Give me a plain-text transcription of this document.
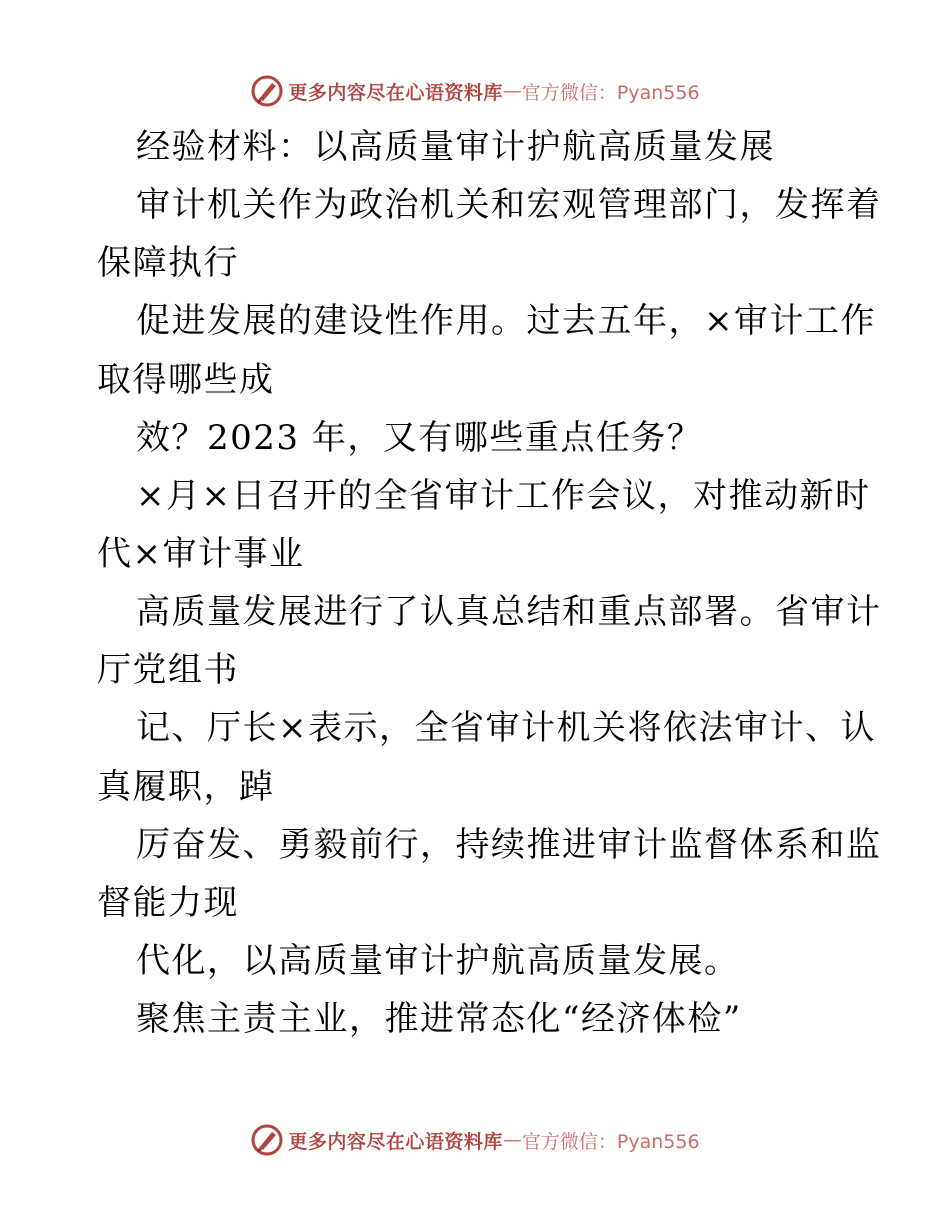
更多内容尽在心语资料库 — 官方微信：Pyan556
经验材料：以高质量审计护航高质量发展
审计机关作为政治机关和宏观管理部门，发挥着
保障执行
促进发展的建设性作用。过去五年，×审计工作
取得哪些成
效？2023 年，又有哪些重点任务？
×月×日召开的全省审计工作会议，对推动新时
代×审计事业
高质量发展进行了认真总结和重点部署。省审计
厅党组书
记、厅长×表示，全省审计机关将依法审计、认
真履职，踔
厉奋发、勇毅前行，持续推进审计监督体系和监
督能力现
代化，以高质量审计护航高质量发展。
聚焦主责主业，推进常态化“经济体检”
更多内容尽在心语资料库 — 官方微信：Pyan556
